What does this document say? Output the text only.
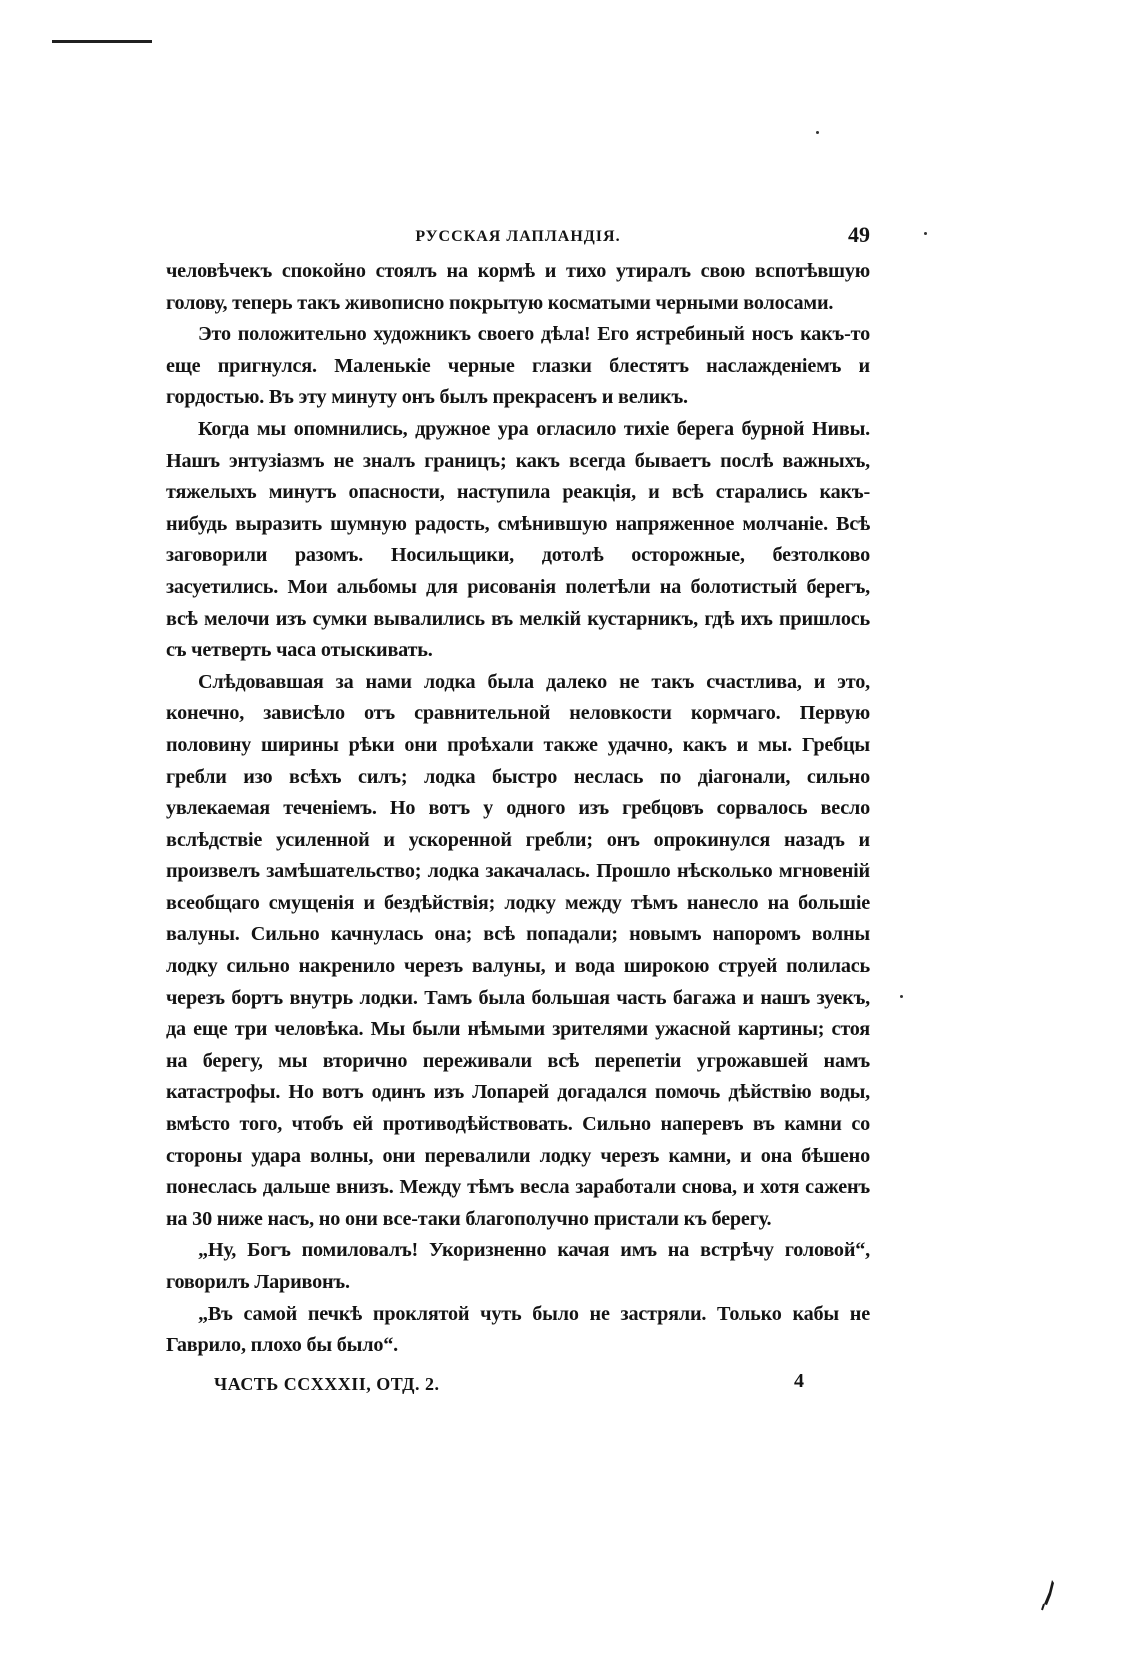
РУССКАЯ ЛАПЛАНДІЯ.	49

человѣчекъ спокойно стоялъ на кормѣ и тихо утиралъ свою вспотѣвшую голову, теперь такъ живописно покрытую косматыми черными волосами.

Это положительно художникъ своего дѣла! Его ястребиный носъ какъ-то еще пригнулся. Маленькіе черные глазки блестятъ наслажденіемъ и гордостью. Въ эту минуту онъ былъ прекрасенъ и великъ.

Когда мы опомнились, дружное ура огласило тихіе берега бурной Нивы. Нашъ энтузіазмъ не зналъ границъ; какъ всегда бываетъ послѣ важныхъ, тяжелыхъ минутъ опасности, наступила реакція, и всѣ старались какъ-нибудь выразить шумную радость, смѣнившую напряженное молчаніе. Всѣ заговорили разомъ. Носильщики, дотолѣ осторожные, безтолково засуетились. Мои альбомы для рисованія полетѣли на болотистый берегъ, всѣ мелочи изъ сумки вывалились въ мелкій кустарникъ, гдѣ ихъ пришлось съ четверть часа отыскивать.

Слѣдовавшая за нами лодка была далеко не такъ счастлива, и это, конечно, зависѣло отъ сравнительной неловкости кормчаго. Первую половину ширины рѣки они проѣхали также удачно, какъ и мы. Гребцы гребли изо всѣхъ силъ; лодка быстро неслась по діагонали, сильно увлекаемая теченіемъ. Но вотъ у одного изъ гребцовъ сорвалось весло вслѣдствіе усиленной и ускоренной гребли; онъ опрокинулся назадъ и произвелъ замѣшательство; лодка закачалась. Прошло нѣсколько мгновеній всеобщаго смущенія и бездѣйствія; лодку между тѣмъ нанесло на большіе валуны. Сильно качнулась она; всѣ попадали; новымъ напоромъ волны лодку сильно накренило черезъ валуны, и вода широкою струей полилась черезъ бортъ внутрь лодки. Тамъ была большая часть багажа и нашъ зуекъ, да еще три человѣка. Мы были нѣмыми зрителями ужасной картины; стоя на берегу, мы вторично переживали всѣ перепетіи угрожавшей намъ катастрофы. Но вотъ одинъ изъ Лопарей догадался помочь дѣйствію воды, вмѣсто того, чтобъ ей противодѣйствовать. Сильно наперевъ въ камни со стороны удара волны, они перевалили лодку черезъ камни, и она бѣшено понеслась дальше внизъ. Между тѣмъ весла заработали снова, и хотя саженъ на 30 ниже насъ, но они все-таки благополучно пристали къ берегу.

„Ну, Богъ помиловалъ! Укоризненно качая имъ на встрѣчу головой“, говорилъ Ларивонъ.

„Въ самой печкѣ проклятой чуть было не застряли. Только кабы не Гаврило, плохо бы было“.

ЧАСТЬ CCXXXII, ОТД. 2.	4
